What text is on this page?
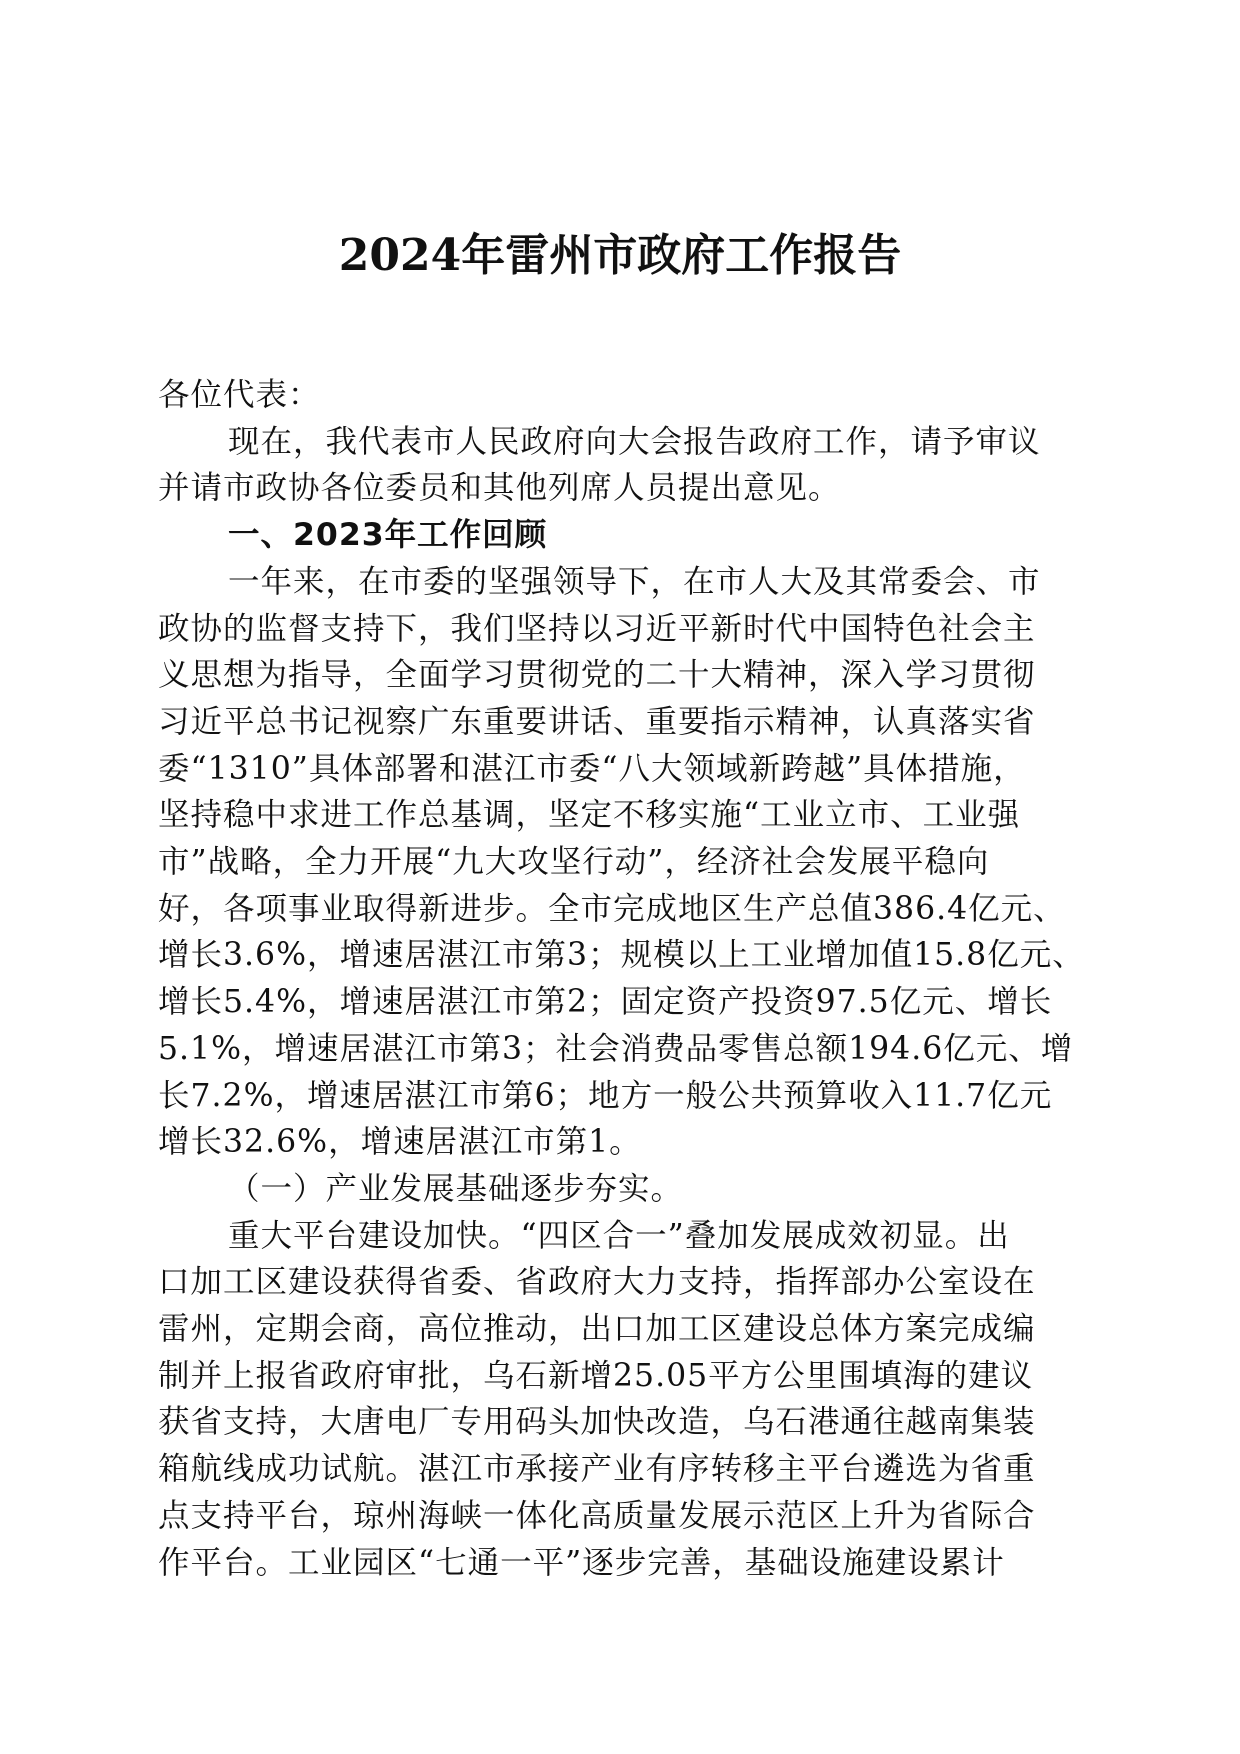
2024年雷州市政府工作报告

各位代表：

现在，我代表市人民政府向大会报告政府工作，请予审议
并请市政协各位委员和其他列席人员提出意见。

一、2023年工作回顾

一年来，在市委的坚强领导下，在市人大及其常委会、市
政协的监督支持下，我们坚持以习近平新时代中国特色社会主
义思想为指导，全面学习贯彻党的二十大精神，深入学习贯彻
习近平总书记视察广东重要讲话、重要指示精神，认真落实省
委“1310”具体部署和湛江市委“八大领域新跨越”具体措施，
坚持稳中求进工作总基调，坚定不移实施“工业立市、工业强
市”战略，全力开展“九大攻坚行动”，经济社会发展平稳向
好，各项事业取得新进步。全市完成地区生产总值386.4亿元、
增长3.6%，增速居湛江市第3；规模以上工业增加值15.8亿元、
增长5.4%，增速居湛江市第2；固定资产投资97.5亿元、增长
5.1%，增速居湛江市第3；社会消费品零售总额194.6亿元、增
长7.2%，增速居湛江市第6；地方一般公共预算收入11.7亿元
增长32.6%，增速居湛江市第1。

（一）产业发展基础逐步夯实。

重大平台建设加快。“四区合一”叠加发展成效初显。出
口加工区建设获得省委、省政府大力支持，指挥部办公室设在
雷州，定期会商，高位推动，出口加工区建设总体方案完成编
制并上报省政府审批，乌石新增25.05平方公里围填海的建议
获省支持，大唐电厂专用码头加快改造，乌石港通往越南集装
箱航线成功试航。湛江市承接产业有序转移主平台遴选为省重
点支持平台，琼州海峡一体化高质量发展示范区上升为省际合
作平台。工业园区“七通一平”逐步完善，基础设施建设累计
